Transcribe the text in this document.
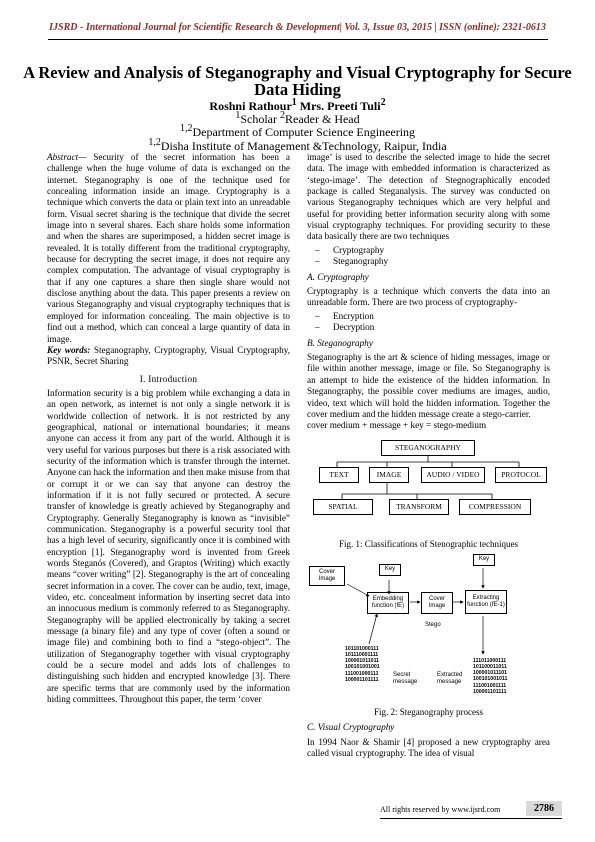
IJSRD - International Journal for Scientific Research & Development| Vol. 3, Issue 03, 2015 | ISSN (online): 2321-0613
A Review and Analysis of Steganography and Visual Cryptography for Secure Data Hiding
Roshni Rathour$^1$ Mrs. Preeti Tuli$^2$
$^1$Scholar $^2$Reader & Head
$^{1,2}$Department of Computer Science Engineering
$^{1,2}$Disha Institute of Management &Technology, Raipur, India

Abstract— Security of the secret information has been a challenge when the huge volume of data is exchanged on the internet. Steganography is one of the technique used for concealing information inside an image. Cryptography is a technique which converts the data or plain text into an unreadable form. Visual secret sharing is the technique that divide the secret image into n several shares. Each share holds some information and when the shares are superimposed, a hidden secret image is revealed. It is totally different from the traditional cryptography, because for decrypting the secret image, it does not require any complex computation. The advantage of visual cryptography is that if any one captures a share then single share would not disclose anything about the data. This paper presents a review on various Steganography and visual cryptography techniques that is employed for information concealing. The main objective is to find out a method, which can conceal a large quantity of data in image.

Key words: Steganography, Cryptography, Visual Cryptography, PSNR, Secret Sharing

I. Introduction

Information security is a big problem while exchanging a data in an open network, as internet is not only a single network it is worldwide collection of network. It is not restricted by any geographical, national or international boundaries; it means anyone can access it from any part of the world. Although it is very useful for various purposes but there is a risk associated with security of the information which is transfer through the internet. Anyone can hack the information and then make misuse from that or corrupt it or we can say that anyone can destroy the information if it is not fully secured or protected. A secure transfer of knowledge is greatly achieved by Steganography and Cryptography. Generally Steganography is known as “invisible” communication. Steganography is a powerful security tool that has a high level of security, significantly once it is combined with encryption [1]. Steganography word is invented from Greek words Steganós (Covered), and Graptos (Writing) which exactly means “cover writing” [2]. Steganography is the art of concealing secret information in a cover. The cover can be audio, text, image, video, etc. concealment information by inserting secret data into an innocuous medium is commonly referred to as Steganography. Steganography will be applied electronically by taking a secret message (a binary file) and any type of cover (often a sound or image file) and combining both to find a “stego-object”. The utilization of Steganography together with visual cryptography could be a secure model and adds lots of challenges to distinguishing such hidden and encrypted knowledge [3]. There are specific terms that are commonly used by the information hiding committees. Throughout this paper, the term ‘cover

image’ is used to describe the selected image to hide the secret data. The image with embedded information is characterized as ‘stego-image’. The detection of Stegnographically encoded package is called Steganalysis. The survey was conducted on various Steganography techniques which are very helpful and useful for providing better information security along with some visual cryptography techniques. For providing security to these data basically there are two techniques

– Cryptography
– Steganography
A. Cryptography

Cryptography is a technique which converts the data into an unreadable form. There are two process of cryptography-

– Encryption
– Decryption
B. Steganography

Steganography is the art & science of hiding messages, image or file within another message, image or file. So Steganography is an attempt to hide the existence of the hidden information. In Steganography, the possible cover mediums are images, audio, video, text which will hold the hidden information. Together the cover medium and the hidden message create a stego-carrier.

cover medium + message + key = stego-medium

STEGANOGRAPHY
TEXT	IMAGE	AUDIO / VIDEO	PROTOCOL
SPATIAL	TRANSFORM	COMPRESSION
Fig. 1: Classifications of Stenographic techniques
Cover Image
Key
Embedding function (fE)
Cover Image
Key
Extracting function (fE-1)
Stego
Secret message
Extracted message
101101000111
101110001111
100001011011
100101001001
111001000111
100001101111
111011000111
101100011011
100001011101
100101001011
111001001111
100001101111
Fig. 2: Steganography process
C. Visual Cryptography

In 1994 Naor & Shamir [4] proposed a new cryptography area called visual cryptography. The idea of visual

All rights reserved by www.ijsrd.com	2786
